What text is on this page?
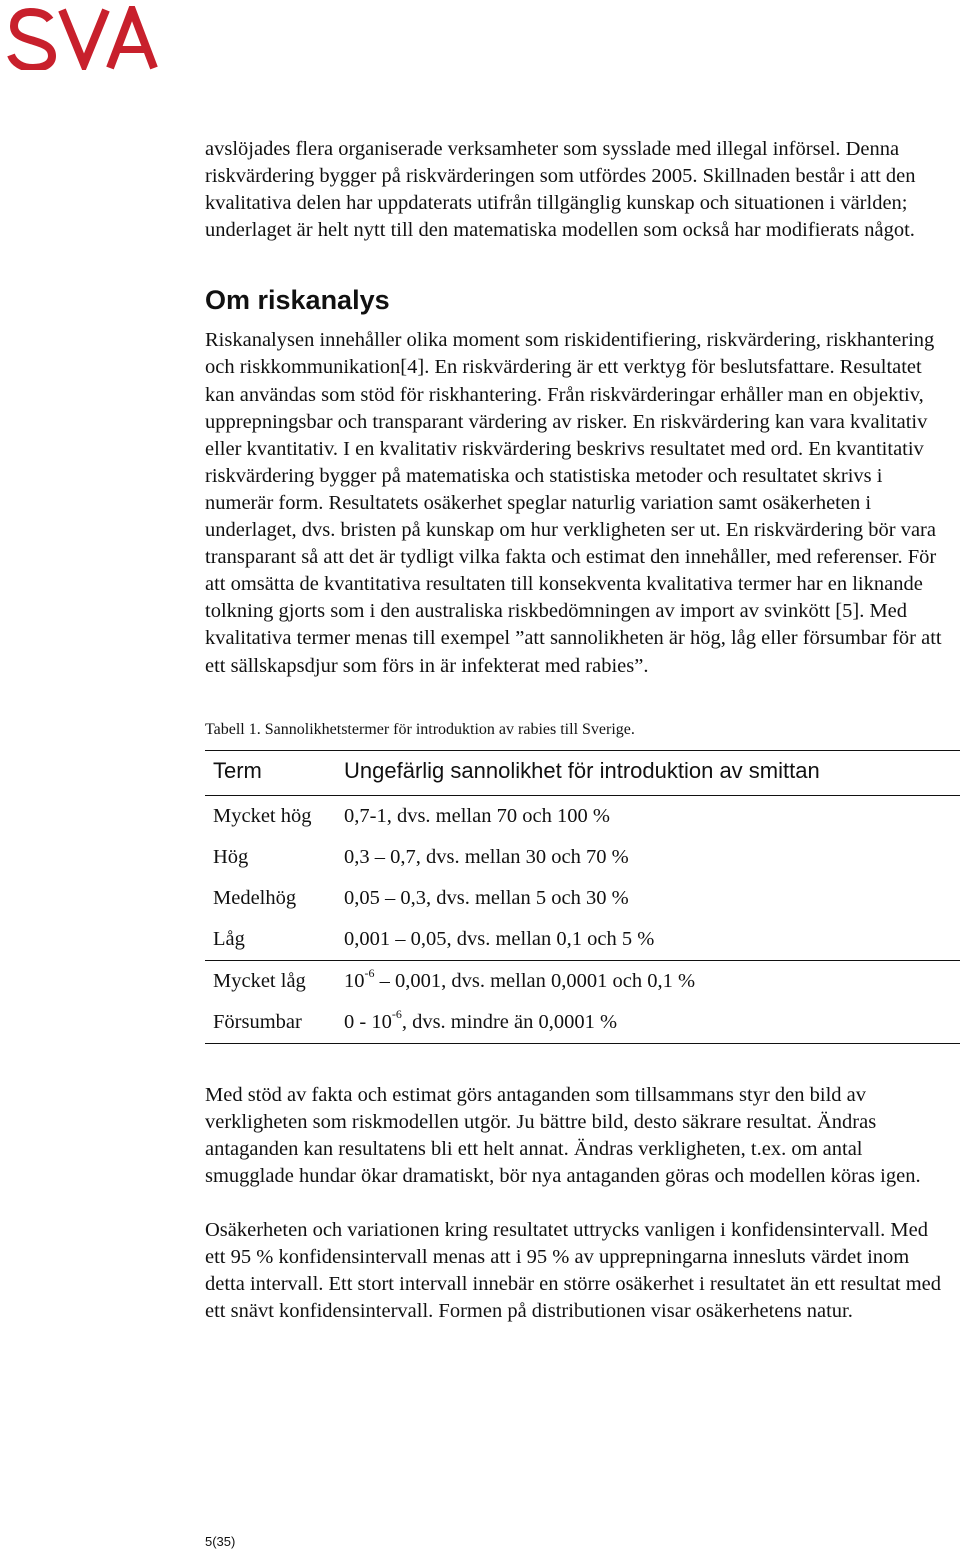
avslöjades flera organiserade verksamheter som sysslade med illegal införsel. Denna riskvärdering bygger på riskvärderingen som utfördes 2005. Skillnaden består i att den kvalitativa delen har uppdaterats utifrån tillgänglig kunskap och situationen i världen; underlaget är helt nytt till den matematiska modellen som också har modifierats något.

Om riskanalys

Riskanalysen innehåller olika moment som riskidentifiering, riskvärdering, riskhantering och riskkommunikation[4]. En riskvärdering är ett verktyg för beslutsfattare. Resultatet kan användas som stöd för riskhantering. Från riskvärderingar erhåller man en objektiv, upprepningsbar och transparant värdering av risker. En riskvärdering kan vara kvalitativ eller kvantitativ. I en kvalitativ riskvärdering beskrivs resultatet med ord. En kvantitativ riskvärdering bygger på matematiska och statistiska metoder och resultatet skrivs i numerär form. Resultatets osäkerhet speglar naturlig variation samt osäkerheten i underlaget, dvs. bristen på kunskap om hur verkligheten ser ut. En riskvärdering bör vara transparant så att det är tydligt vilka fakta och estimat den innehåller, med referenser. För att omsätta de kvantitativa resultaten till konsekventa kvalitativa termer har en liknande tolkning gjorts som i den australiska riskbedömningen av import av svinkött [5]. Med kvalitativa termer menas till exempel ”att sannolikheten är hög, låg eller försumbar för att ett sällskapsdjur som förs in är infekterat med rabies”.

Tabell 1. Sannolikhetstermer för introduktion av rabies till Sverige.
Term	Ungefärlig sannolikhet för introduktion av smittan
Mycket hög	0,7-1, dvs. mellan 70 och 100 %
Hög	0,3 – 0,7, dvs. mellan 30 och 70 %
Medelhög	0,05 – 0,3, dvs. mellan 5 och 30 %
Låg	0,001 – 0,05, dvs. mellan 0,1 och 5 %
Mycket låg	$10^{-6} - 0,001$, dvs. mellan 0,0001 och 0,1 %
Försumbar	$0 - 10^{-6}$, dvs. mindre än 0,0001 %

Med stöd av fakta och estimat görs antaganden som tillsammans styr den bild av verkligheten som riskmodellen utgör. Ju bättre bild, desto säkrare resultat. Ändras antaganden kan resultatens bli ett helt annat. Ändras verkligheten, t.ex. om antal smugglade hundar ökar dramatiskt, bör nya antaganden göras och modellen köras igen.

Osäkerheten och variationen kring resultatet uttrycks vanligen i konfidensintervall. Med ett 95 % konfidensintervall menas att i 95 % av upprepningarna innesluts värdet inom detta intervall. Ett stort intervall innebär en större osäkerhet i resultatet än ett resultat med ett snävt konfidensintervall. Formen på distributionen visar osäkerhetens natur.

5(35)
